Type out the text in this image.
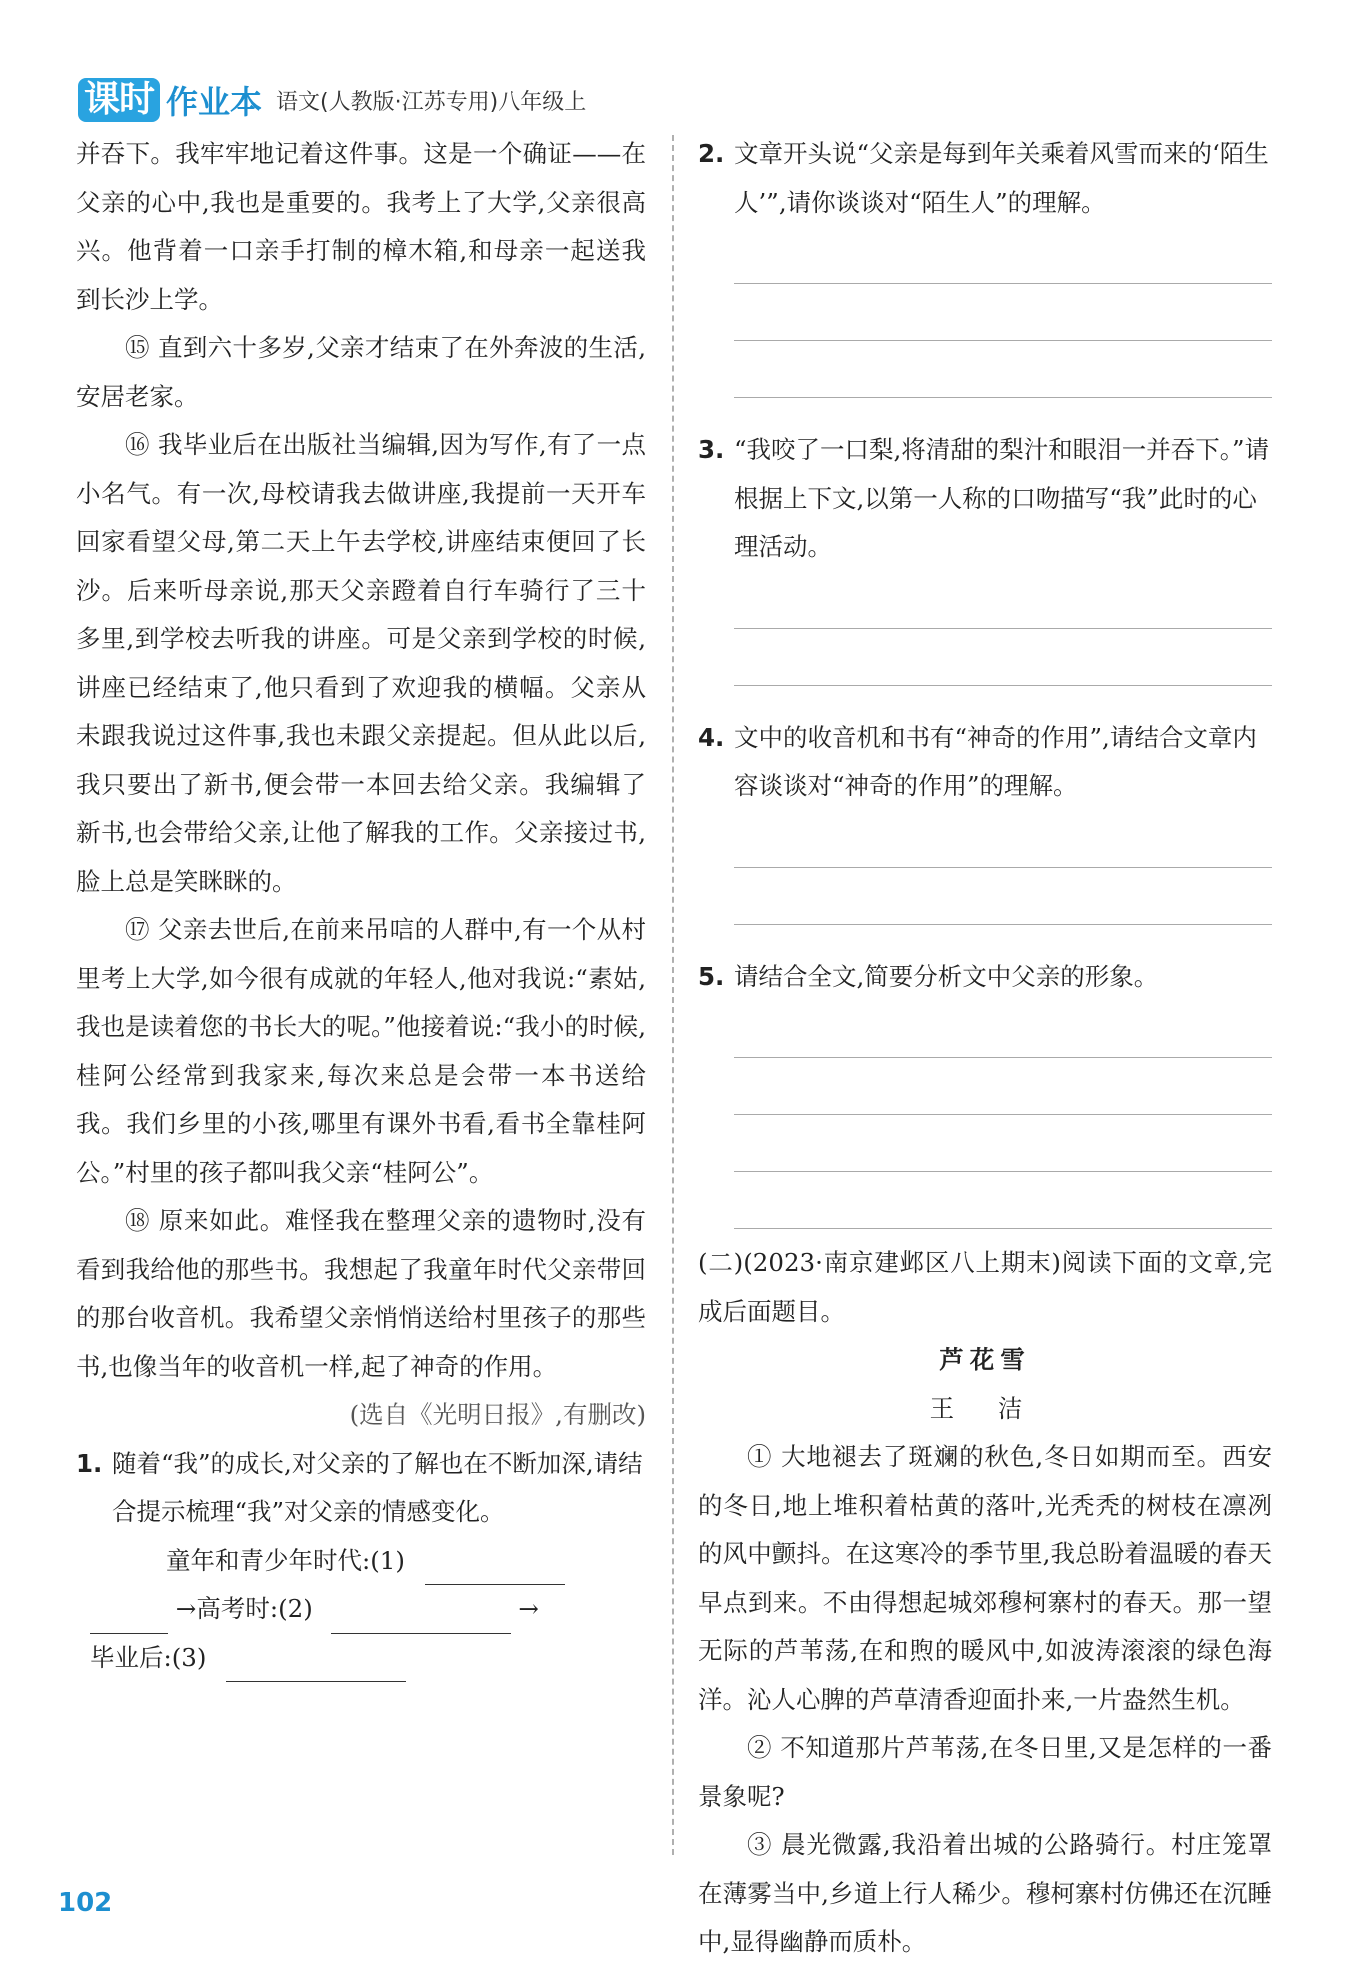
课时 作业本 语文(人教版·江苏专用)八年级上

并吞下。我牢牢地记着这件事。这是一个确证——在父亲的心中,我也是重要的。我考上了大学,父亲很高兴。他背着一口亲手打制的樟木箱,和母亲一起送我到长沙上学。

⑮ 直到六十多岁,父亲才结束了在外奔波的生活,安居老家。

⑯ 我毕业后在出版社当编辑,因为写作,有了一点小名气。有一次,母校请我去做讲座,我提前一天开车回家看望父母,第二天上午去学校,讲座结束便回了长沙。后来听母亲说,那天父亲蹬着自行车骑行了三十多里,到学校去听我的讲座。可是父亲到学校的时候,讲座已经结束了,他只看到了欢迎我的横幅。父亲从未跟我说过这件事,我也未跟父亲提起。但从此以后,我只要出了新书,便会带一本回去给父亲。我编辑了新书,也会带给父亲,让他了解我的工作。父亲接过书,脸上总是笑眯眯的。

⑰ 父亲去世后,在前来吊唁的人群中,有一个从村里考上大学,如今很有成就的年轻人,他对我说:“素姑,我也是读着您的书长大的呢。”他接着说:“我小的时候,桂阿公经常到我家来,每次来总是会带一本书送给我。我们乡里的小孩,哪里有课外书看,看书全靠桂阿公。”村里的孩子都叫我父亲“桂阿公”。

⑱ 原来如此。难怪我在整理父亲的遗物时,没有看到我给他的那些书。我想起了我童年时代父亲带回的那台收音机。我希望父亲悄悄送给村里孩子的那些书,也像当年的收音机一样,起了神奇的作用。

(选自《光明日报》,有删改)

1. 随着“我”的成长,对父亲的了解也在不断加深,请结合提示梳理“我”对父亲的情感变化。
童年和青少年时代:(1)
→高考时:(2)	→
毕业后:(3)
2. 文章开头说“父亲是每到年关乘着风雪而来的‘陌生人’”,请你谈谈对“陌生人”的理解。
3. “我咬了一口梨,将清甜的梨汁和眼泪一并吞下。”请根据上下文,以第一人称的口吻描写“我”此时的心理活动。
4. 文中的收音机和书有“神奇的作用”,请结合文章内容谈谈对“神奇的作用”的理解。
5. 请结合全文,简要分析文中父亲的形象。

(二)(2023·南京建邺区八上期末)阅读下面的文章,完成后面题目。

芦花雪

王 洁

① 大地褪去了斑斓的秋色,冬日如期而至。西安的冬日,地上堆积着枯黄的落叶,光秃秃的树枝在凛冽的风中颤抖。在这寒冷的季节里,我总盼着温暖的春天早点到来。不由得想起城郊穆柯寨村的春天。那一望无际的芦苇荡,在和煦的暖风中,如波涛滚滚的绿色海洋。沁人心脾的芦草清香迎面扑来,一片盎然生机。

② 不知道那片芦苇荡,在冬日里,又是怎样的一番景象呢?

③ 晨光微露,我沿着出城的公路骑行。村庄笼罩在薄雾当中,乡道上行人稀少。穆柯寨村仿佛还在沉睡中,显得幽静而质朴。

102
